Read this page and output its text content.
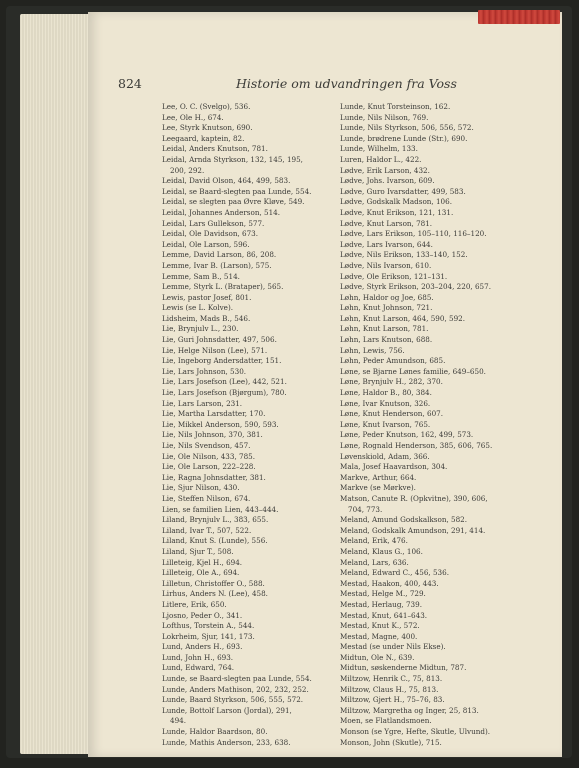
824	Historie om udvandringen fra Voss
Lee, O. C. (Svelgo), 536.
Lee, Ole H., 674.
Lee, Styrk Knutson, 690.
Leegaard, kaptein, 82.
Leidal, Anders Knutson, 781.
Leidal, Arnda Styrkson, 132, 145, 195,
200, 292.
Leidal, David Olson, 464, 499, 583.
Leidal, se Baard-slegten paa Lunde, 554.
Leidal, se slegten paa Øvre Kløve, 549.
Leidal, Johannes Anderson, 514.
Leidal, Lars Gullekson, 577.
Leidal, Ole Davidson, 673.
Leidal, Ole Larson, 596.
Lemme, David Larson, 86, 208.
Lemme, Ivar B. (Larson), 575.
Lemme, Sam B., 514.
Lemme, Styrk L. (Brataper), 565.
Lewis, pastor Josef, 801.
Lewis (se L. Kolve).
Lidsheim, Mads B., 546.
Lie, Brynjulv L., 230.
Lie, Guri Johnsdatter, 497, 506.
Lie, Helge Nilson (Lee), 571.
Lie, Ingeborg Andersdatter, 151.
Lie, Lars Johnson, 530.
Lie, Lars Josefson (Lee), 442, 521.
Lie, Lars Josefson (Bjørgum), 780.
Lie, Lars Larson, 231.
Lie, Martha Larsdatter, 170.
Lie, Mikkel Anderson, 590, 593.
Lie, Nils Johnson, 370, 381.
Lie, Nils Svendson, 457.
Lie, Ole Nilson, 433, 785.
Lie, Ole Larson, 222–228.
Lie, Ragna Johnsdatter, 381.
Lie, Sjur Nilson, 430.
Lie, Steffen Nilson, 674.
Lien, se familien Lien, 443–444.
Liland, Brynjulv L., 383, 655.
Liland, Ivar T., 507, 522.
Liland, Knut S. (Lunde), 556.
Liland, Sjur T., 508.
Lilleteig, Kjel H., 694.
Lilleteig, Ole A., 694.
Lilletun, Christoffer O., 588.
Lirhus, Anders N. (Lee), 458.
Litlere, Erik, 650.
Ljosno, Peder O., 341.
Lofthus, Torstein A., 544.
Lokrheim, Sjur, 141, 173.
Lund, Anders H., 693.
Lund, John H., 693.
Lund, Edward, 764.
Lunde, se Baard-slegten paa Lunde, 554.
Lunde, Anders Mathison, 202, 232, 252.
Lunde, Baard Styrkson, 506, 555, 572.
Lunde, Bottolf Larson (Jordal), 291,
494.
Lunde, Haldor Baardson, 80.
Lunde, Mathis Anderson, 233, 638.
Lunde, Knut Torsteinson, 162.
Lunde, Nils Nilson, 769.
Lunde, Nils Styrkson, 506, 556, 572.
Lunde, brødrene Lunde (Str.), 690.
Lunde, Wilhelm, 133.
Luren, Haldor L., 422.
Lødve, Erik Larson, 432.
Lødve, Johs. Ivarson, 609.
Lødve, Guro Ivarsdatter, 499, 583.
Lødve, Godskalk Madson, 106.
Lødve, Knut Erikson, 121, 131.
Lødve, Knut Larson, 781.
Lødve, Lars Erikson, 105–110, 116–120.
Lødve, Lars Ivarson, 644.
Lødve, Nils Erikson, 133–140, 152.
Lødve, Nils Ivarson, 610.
Lødve, Ole Erikson, 121–131.
Lødve, Styrk Erikson, 203–204, 220, 657.
Løhn, Haldor og Joe, 685.
Løhn, Knut Johnson, 721.
Løhn, Knut Larson, 464, 590, 592.
Løhn, Knut Larson, 781.
Løhn, Lars Knutson, 688.
Løhn, Lewis, 756.
Løhn, Peder Amundson, 685.
Løne, se Bjarne Lønes familie, 649–650.
Løne, Brynjulv H., 282, 370.
Løne, Haldor B., 80, 384.
Løne, Ivar Knutson, 326.
Løne, Knut Henderson, 607.
Løne, Knut Ivarson, 765.
Løne, Peder Knutson, 162, 499, 573.
Løne, Rognald Henderson, 385, 606, 765.
Løvenskiold, Adam, 366.
Mala, Josef Haavardson, 304.
Markve, Arthur, 664.
Markve (se Mørkve).
Matson, Canute R. (Opkvitne), 390, 606,
704, 773.
Meland, Amund Godskalkson, 582.
Meland, Godskalk Amundson, 291, 414.
Meland, Erik, 476.
Meland, Klaus G., 106.
Meland, Lars, 636.
Meland, Edward C., 456, 536.
Mestad, Haakon, 400, 443.
Mestad, Helge M., 729.
Mestad, Herlaug, 739.
Mestad, Knut, 641–643.
Mestad, Knut K., 572.
Mestad, Magne, 400.
Mestad (se under Nils Ekse).
Midtun, Ole N., 639.
Midtun, søskenderne Midtun, 787.
Miltzow, Henrik C., 75, 813.
Miltzow, Claus H., 75, 813.
Miltzow, Gjert H., 75–76, 83.
Miltzow, Margretha og Inger, 25, 813.
Moen, se Flatlandsmoen.
Monson (se Ygre, Hefte, Skutle, Ulvund).
Monson, John (Skutle), 715.
